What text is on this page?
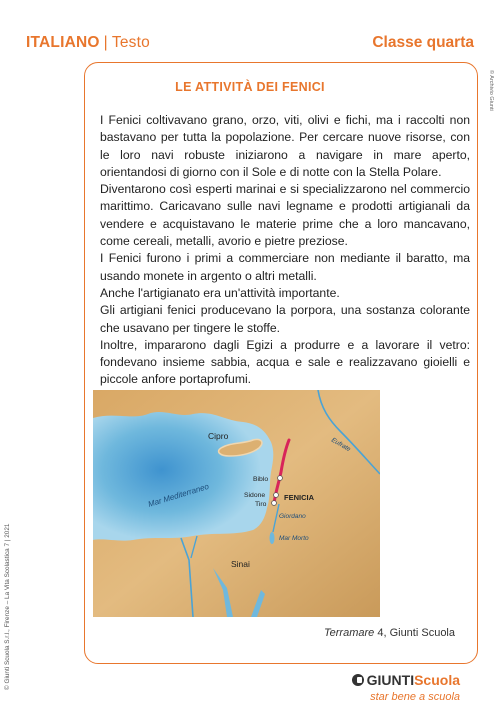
ITALIANO | Testo	Classe quarta
© Archivio Giunti
© Giunti Scuola S.r.l., Firenze – La Vita Scolastica 7 | 2021
LE ATTIVITÀ DEI FENICI

I Fenici coltivavano grano, orzo, viti, olivi e fichi, ma i raccolti non bastavano per tutta la popolazione. Per cercare nuove risorse, con le loro navi robuste iniziarono a navigare in mare aperto, orientandosi di giorno con il Sole e di notte con la Stella Polare.

Diventarono così esperti marinai e si specializzarono nel commercio marittimo. Caricavano sulle navi legname e prodotti artigianali da vendere e acquistavano le materie prime che a loro mancavano, come cereali, metalli, avorio e pietre preziose.

I Fenici furono i primi a commerciare non mediante il baratto, ma usando monete in argento o altri metalli.

Anche l'artigianato era un'attività importante.

Gli artigiani fenici producevano la porpora, una sostanza colorante che usavano per tingere le stoffe.

Inoltre, impararono dagli Egizi a produrre e a lavorare il vetro: fondevano insieme sabbia, acqua e sale e realizzavano gioielli e piccole anfore portaprofumi.

Cipro
Mar Mediterraneo
Biblo
Sidone
Tiro
FENICIA
Eufrate
Giordano
Mar Morto
Sinai
Terramare 4, Giunti Scuola
GIUNTIScuola
star bene a scuola
